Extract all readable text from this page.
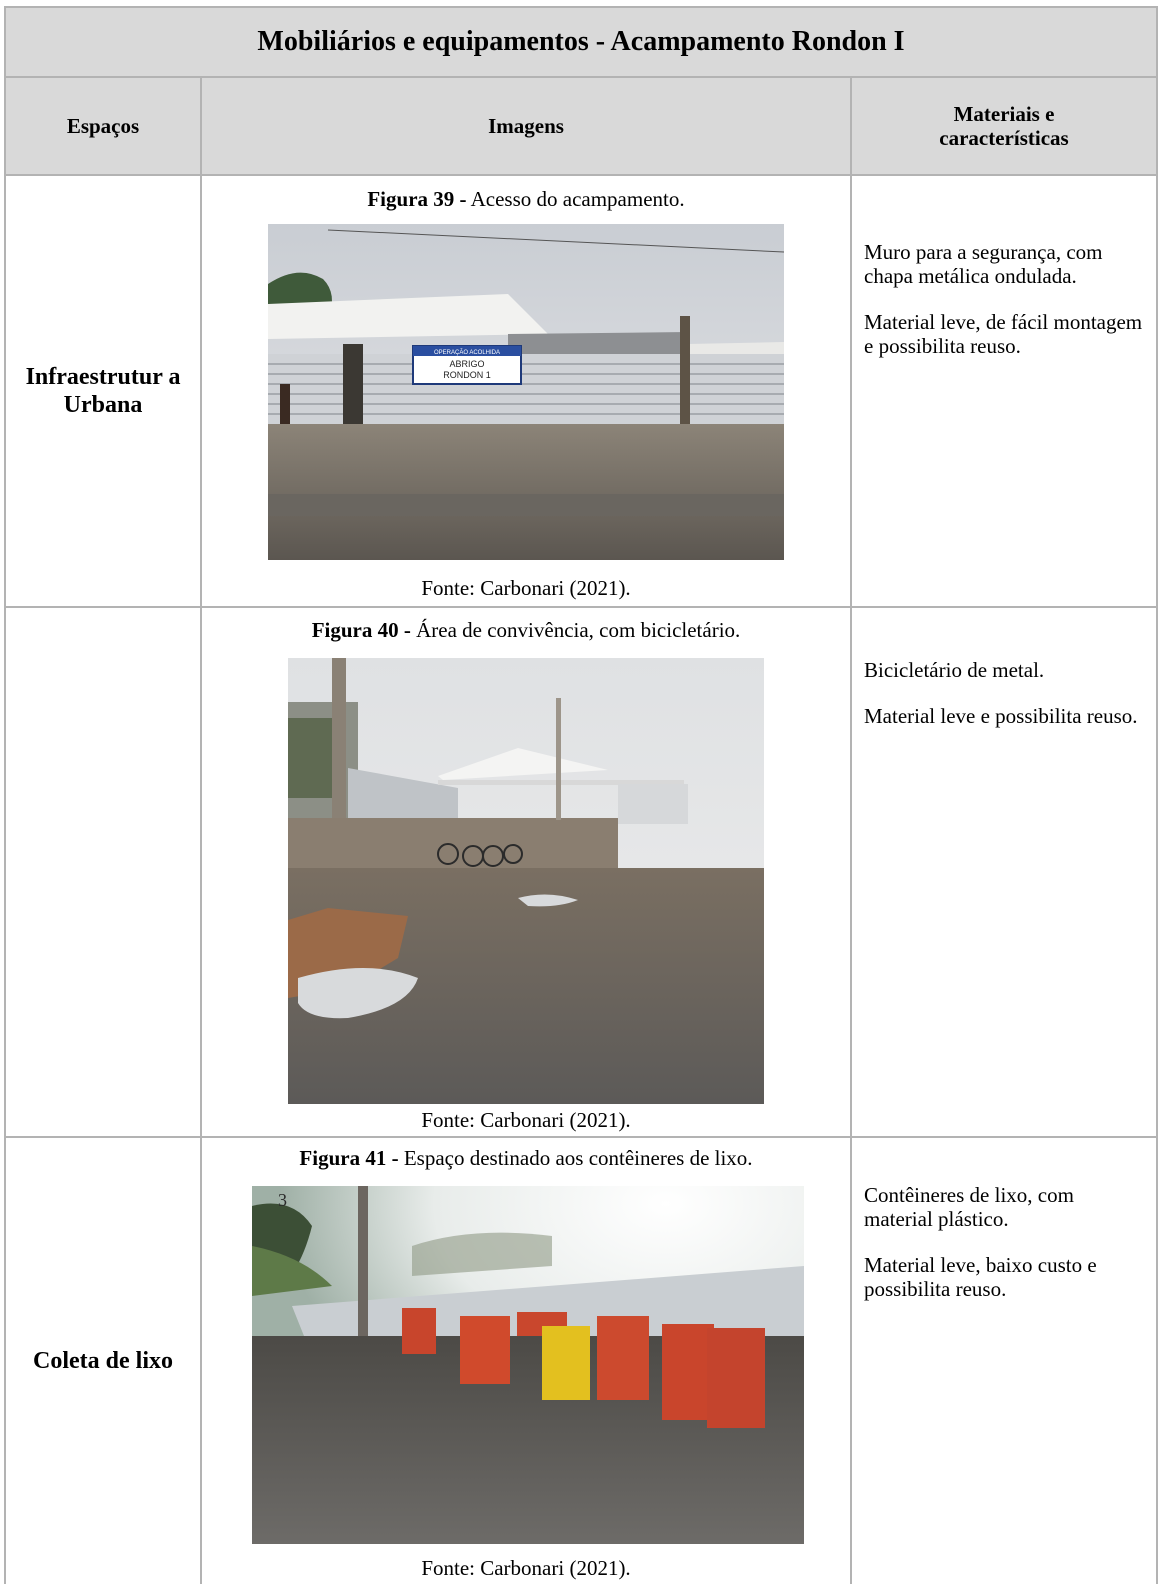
Mobiliários e equipamentos - Acampamento Rondon I
Espaços	Imagens	Materiais e características
Infraestrutur a Urbana
Figura 39 - Acesso do acampamento.
OPERAÇÃO ACOLHIDA
ABRIGO
RONDON 1
Fonte: Carbonari (2021).

Muro para a segurança, com chapa metálica ondulada.

Material leve, de fácil montagem e possibilita reuso.

Figura 40 - Área de convivência, com bicicletário.
Fonte: Carbonari (2021).

Bicicletário de metal.

Material leve e possibilita reuso.

Coleta de lixo
Figura 41 - Espaço destinado aos contêineres de lixo.
3
Fonte: Carbonari (2021).

Contêineres de lixo, com material plástico.

Material leve, baixo custo e possibilita reuso.
